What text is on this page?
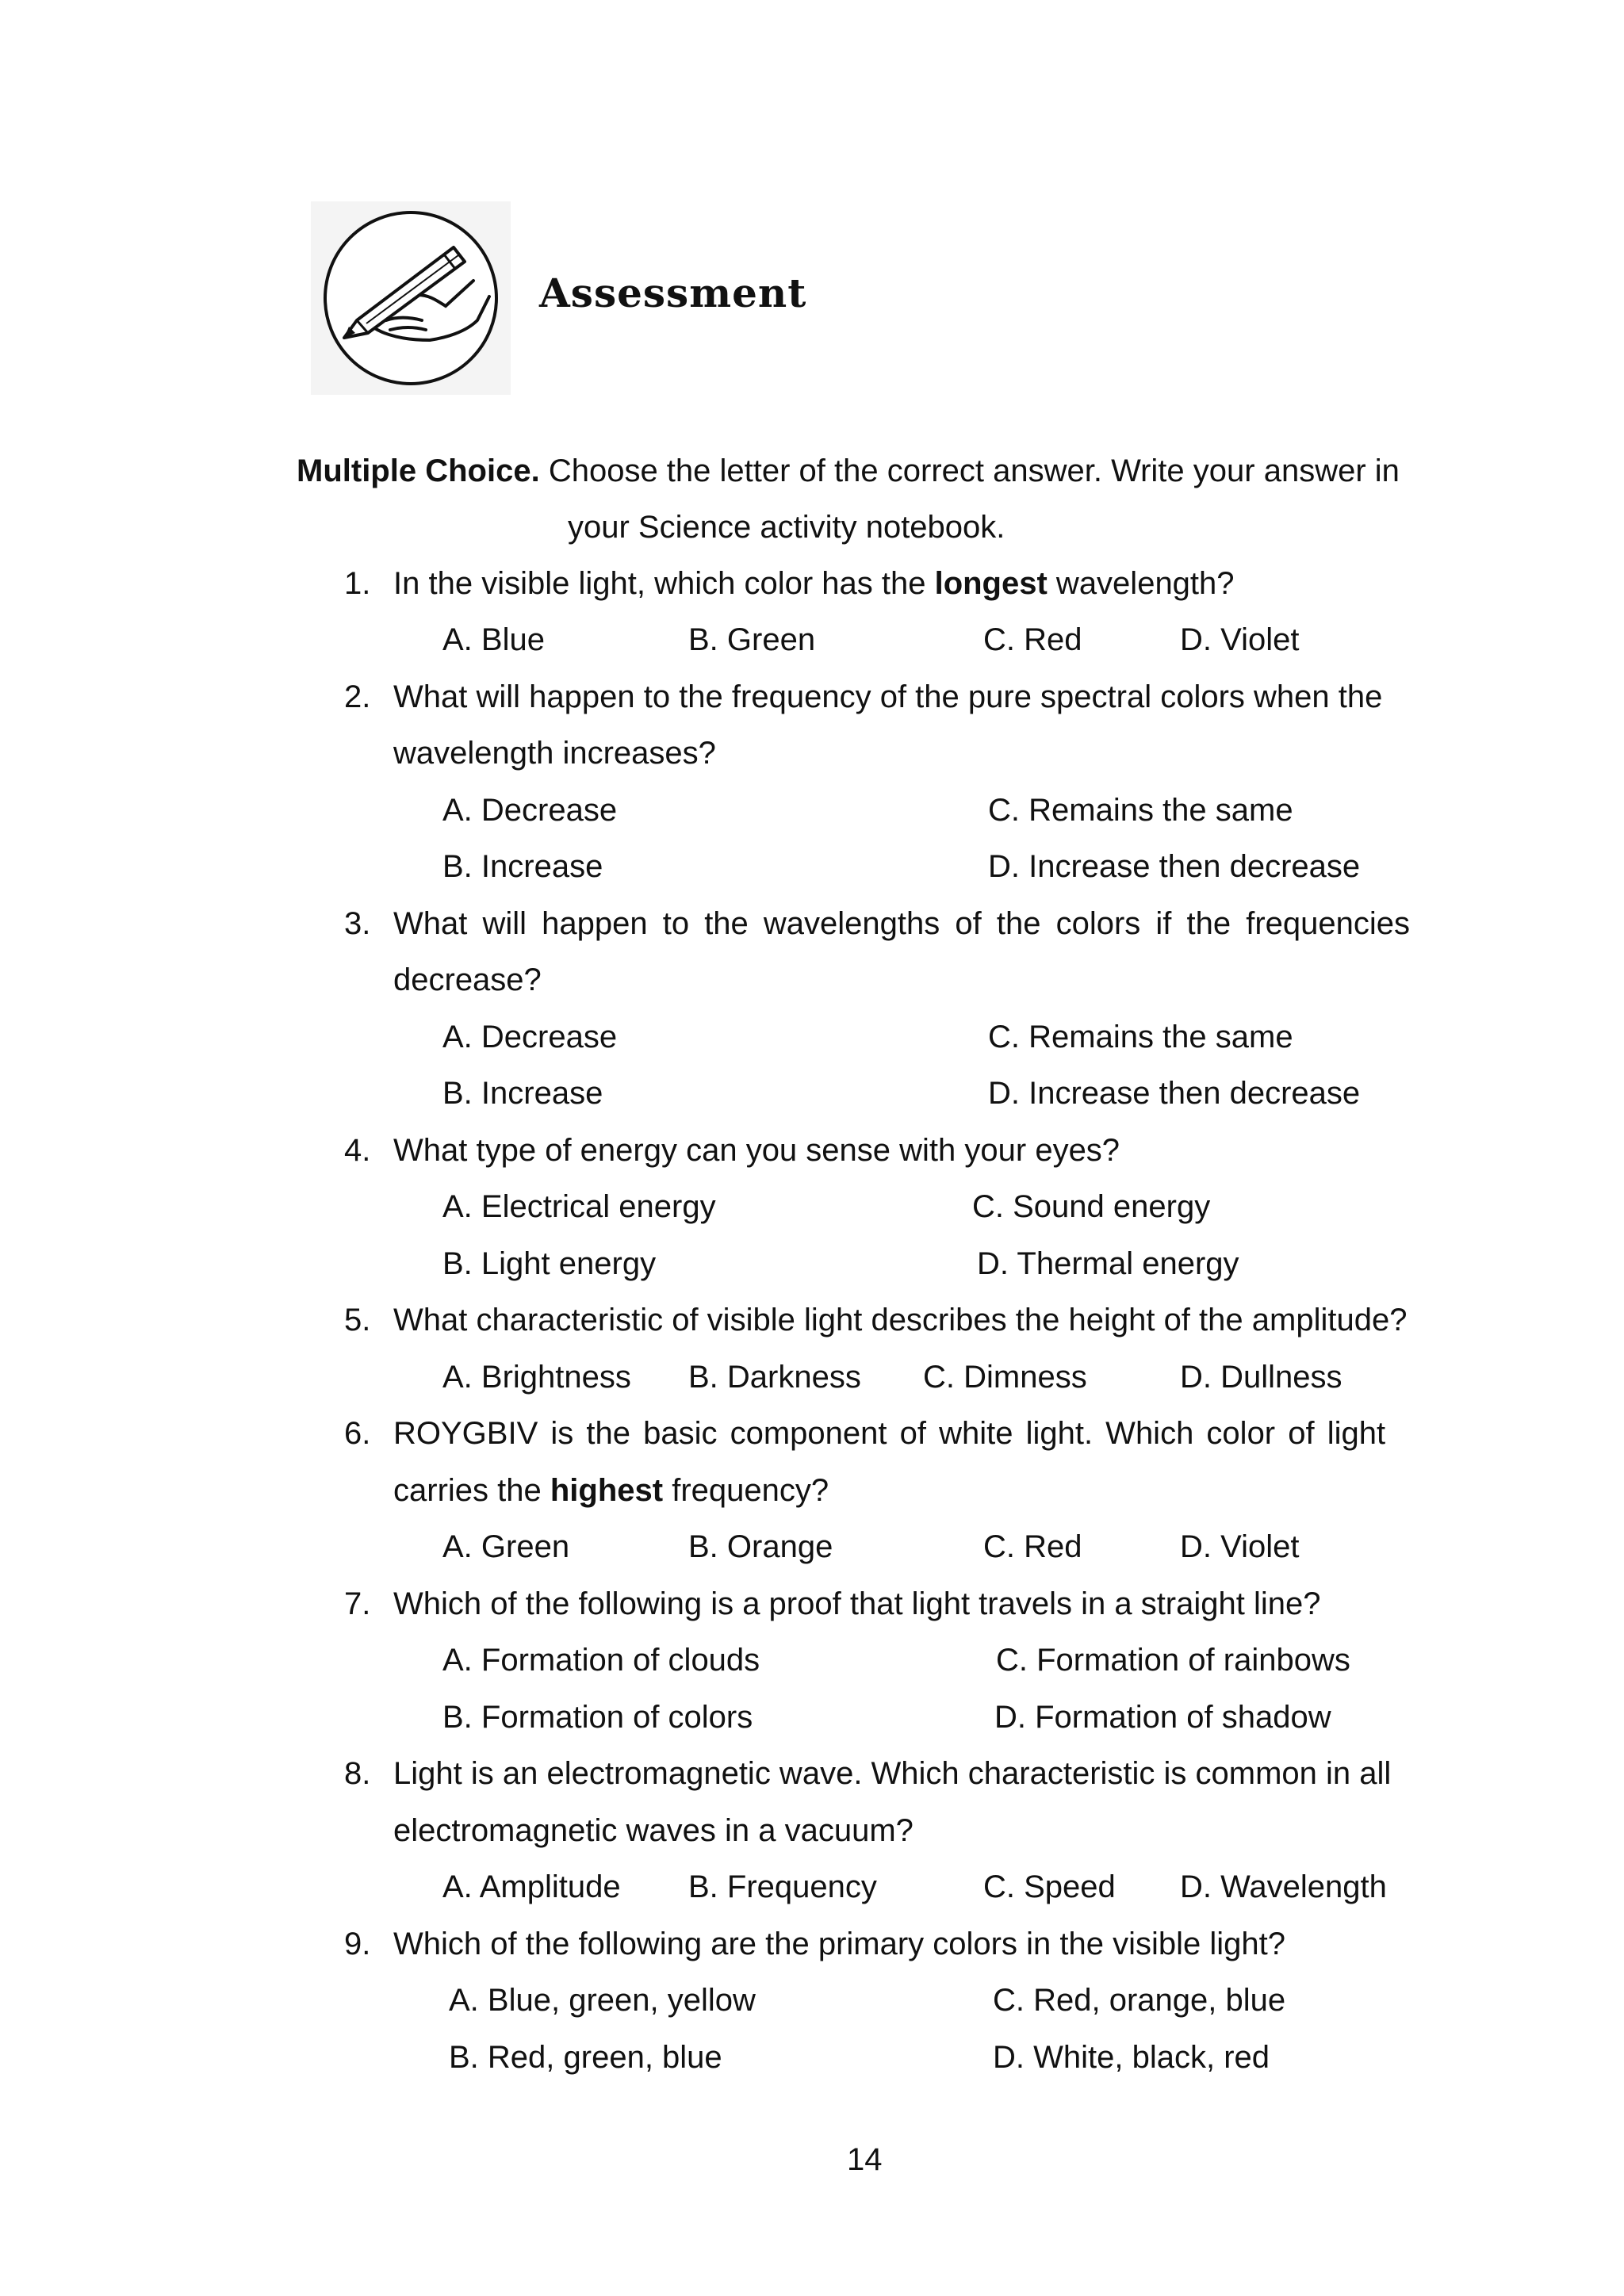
Assessment
Multiple Choice. Choose the letter of the correct answer. Write your answer in
your Science activity notebook.
1. In the visible light, which color has the longest wavelength?
A. Blue	B. Green	C. Red	D. Violet
2. What will happen to the frequency of the pure spectral colors when the
wavelength increases?
A. Decrease	C. Remains the same
B. Increase	D. Increase then decrease
3. What will happen to the wavelengths of the colors if the frequencies
decrease?
A. Decrease	C. Remains the same
B. Increase	D. Increase then decrease
4. What type of energy can you sense with your eyes?
A. Electrical energy	C. Sound energy
B. Light energy	D. Thermal energy
5. What characteristic of visible light describes the height of the amplitude?
A. Brightness B. Darkness C. Dimness	D. Dullness
6. ROYGBIV is the basic component of white light. Which color of light
carries the highest frequency?
A. Green	B. Orange	C. Red	D. Violet
7. Which of the following is a proof that light travels in a straight line?
A. Formation of clouds	C. Formation of rainbows
B. Formation of colors	D. Formation of shadow
8. Light is an electromagnetic wave. Which characteristic is common in all
electromagnetic waves in a vacuum?
A. Amplitude B. Frequency	C. Speed D. Wavelength
9. Which of the following are the primary colors in the visible light?
A. Blue, green, yellow	C. Red, orange, blue
B. Red, green, blue	D. White, black, red
14
